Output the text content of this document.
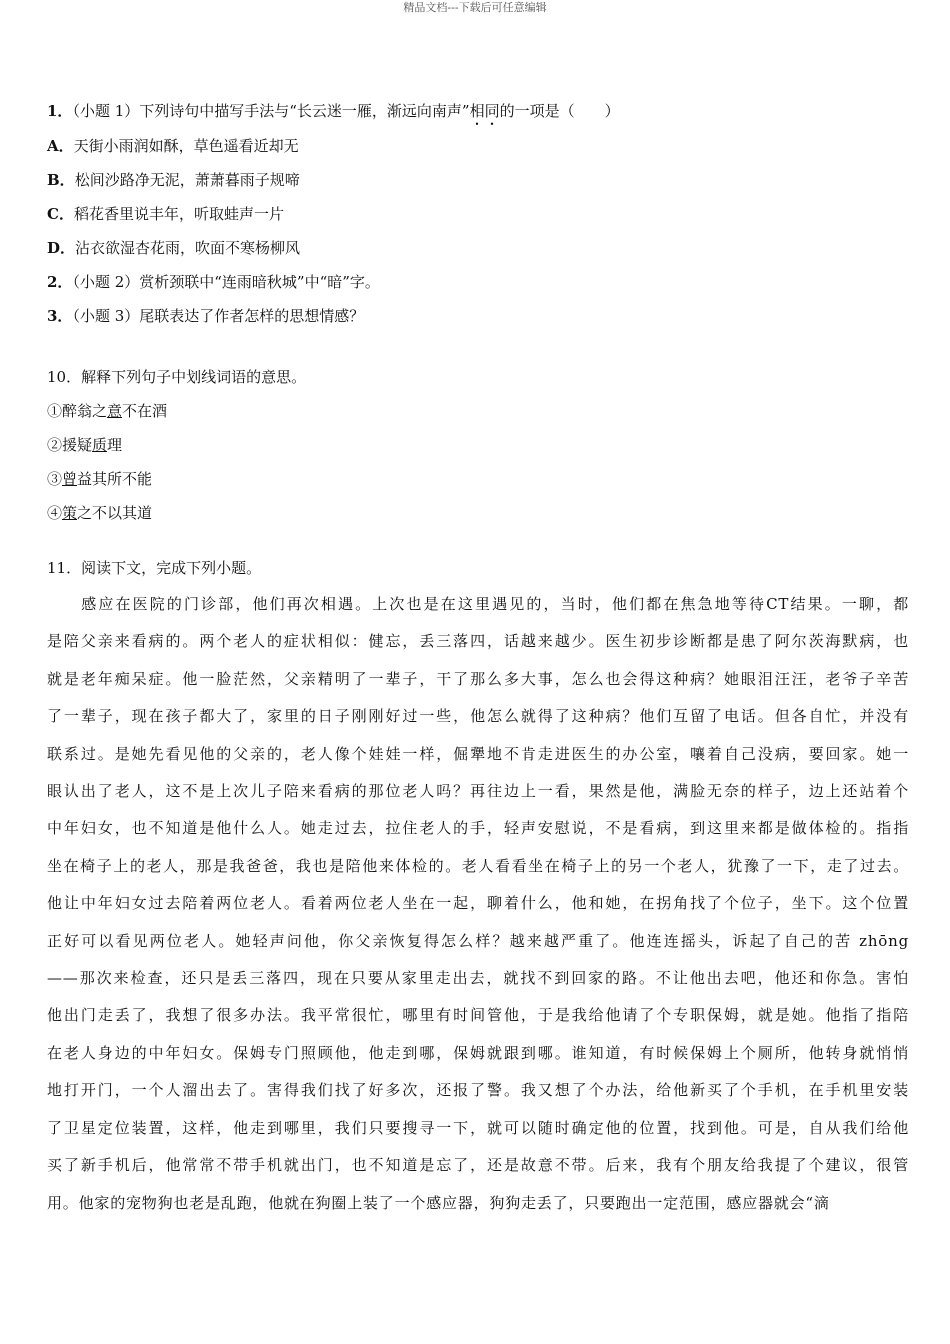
精品文档---下载后可任意编辑
1．（小题 1）下列诗句中描写手法与“长云迷一雁，渐远向南声”相同的一项是（　　）
A．天街小雨润如酥，草色遥看近却无
B．松间沙路净无泥，萧萧暮雨子规啼
C．稻花香里说丰年，听取蛙声一片
D．沾衣欲湿杏花雨，吹面不寒杨柳风
2．（小题 2）赏析颈联中“连雨暗秋城”中“暗”字。
3．（小题 3）尾联表达了作者怎样的思想情感？
10．解释下列句子中划线词语的意思。
①醉翁之意不在酒
②援疑质理
③曾益其所不能
④策之不以其道
11．阅读下文，完成下列小题。
　　感应在医院的门诊部，他们再次相遇。上次也是在这里遇见的，当时，他们都在焦急地等待CT结果。一聊，都
是陪父亲来看病的。两个老人的症状相似：健忘，丢三落四，话越来越少。医生初步诊断都是患了阿尔茨海默病，也
就是老年痴呆症。他一脸茫然，父亲精明了一辈子，干了那么多大事，怎么也会得这种病？她眼泪汪汪，老爷子辛苦
了一辈子，现在孩子都大了，家里的日子刚刚好过一些，他怎么就得了这种病？他们互留了电话。但各自忙，并没有
联系过。是她先看见他的父亲的，老人像个娃娃一样，倔犟地不肯走进医生的办公室，嚷着自己没病，要回家。她一
眼认出了老人，这不是上次儿子陪来看病的那位老人吗？再往边上一看，果然是他，满脸无奈的样子，边上还站着个
中年妇女，也不知道是他什么人。她走过去，拉住老人的手，轻声安慰说，不是看病，到这里来都是做体检的。指指
坐在椅子上的老人，那是我爸爸，我也是陪他来体检的。老人看看坐在椅子上的另一个老人，犹豫了一下，走了过去。
他让中年妇女过去陪着两位老人。看着两位老人坐在一起，聊着什么，他和她，在拐角找了个位子，坐下。这个位置
正好可以看见两位老人。她轻声问他，你父亲恢复得怎么样？越来越严重了。他连连摇头，诉起了自己的苦 zhōng
——那次来检查，还只是丢三落四，现在只要从家里走出去，就找不到回家的路。不让他出去吧，他还和你急。害怕
他出门走丢了，我想了很多办法。我平常很忙，哪里有时间管他，于是我给他请了个专职保姆，就是她。他指了指陪
在老人身边的中年妇女。保姆专门照顾他，他走到哪，保姆就跟到哪。谁知道，有时候保姆上个厕所，他转身就悄悄
地打开门，一个人溜出去了。害得我们找了好多次，还报了警。我又想了个办法，给他新买了个手机，在手机里安装
了卫星定位装置，这样，他走到哪里，我们只要搜寻一下，就可以随时确定他的位置，找到他。可是，自从我们给他
买了新手机后，他常常不带手机就出门，也不知道是忘了，还是故意不带。后来，我有个朋友给我提了个建议，很管
用。他家的宠物狗也老是乱跑，他就在狗圈上装了一个感应器，狗狗走丢了，只要跑出一定范围，感应器就会“滴
